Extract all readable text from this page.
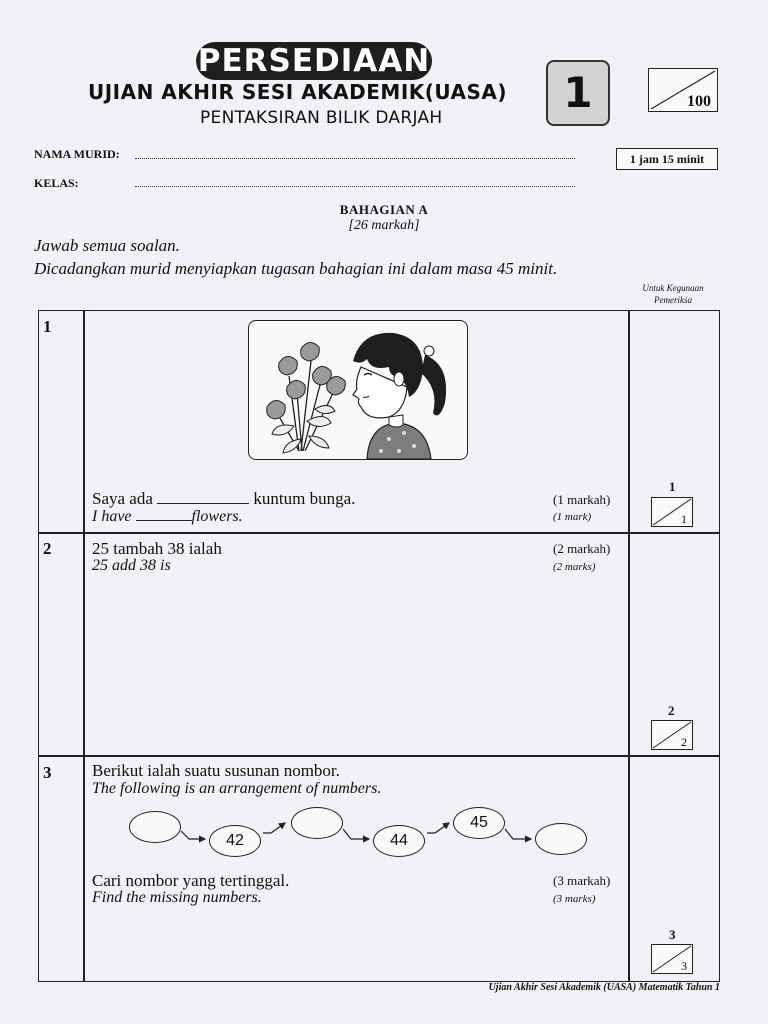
PERSEDIAAN
UJIAN AKHIR SESI AKADEMIK(UASA)
PENTAKSIRAN BILIK DARJAH
1	100
NAMA MURID:	1 jam 15 minit
KELAS:
BAHAGIAN A
[26 markah]
Jawab semua soalan.
Dicadangkan murid menyiapkan tugasan bahagian ini dalam masa 45 minit.
Untuk Kegunaan
Pemeriksa
1
Saya ada	kuntum bunga.
I have	flowers.
(1 markah)
(1 mark)
1
1
2 25 tambah 38 ialah
25 add 38 is
(2 markah)
(2 marks)
2
2
3 Berikut ialah suatu susunan nombor.
The following is an arrangement of numbers.
42	44
45
Cari nombor yang tertinggal.
Find the missing numbers.
(3 markah)
(3 marks)
3
3
Ujian Akhir Sesi Akademik (UASA) Matematik Tahun 1
